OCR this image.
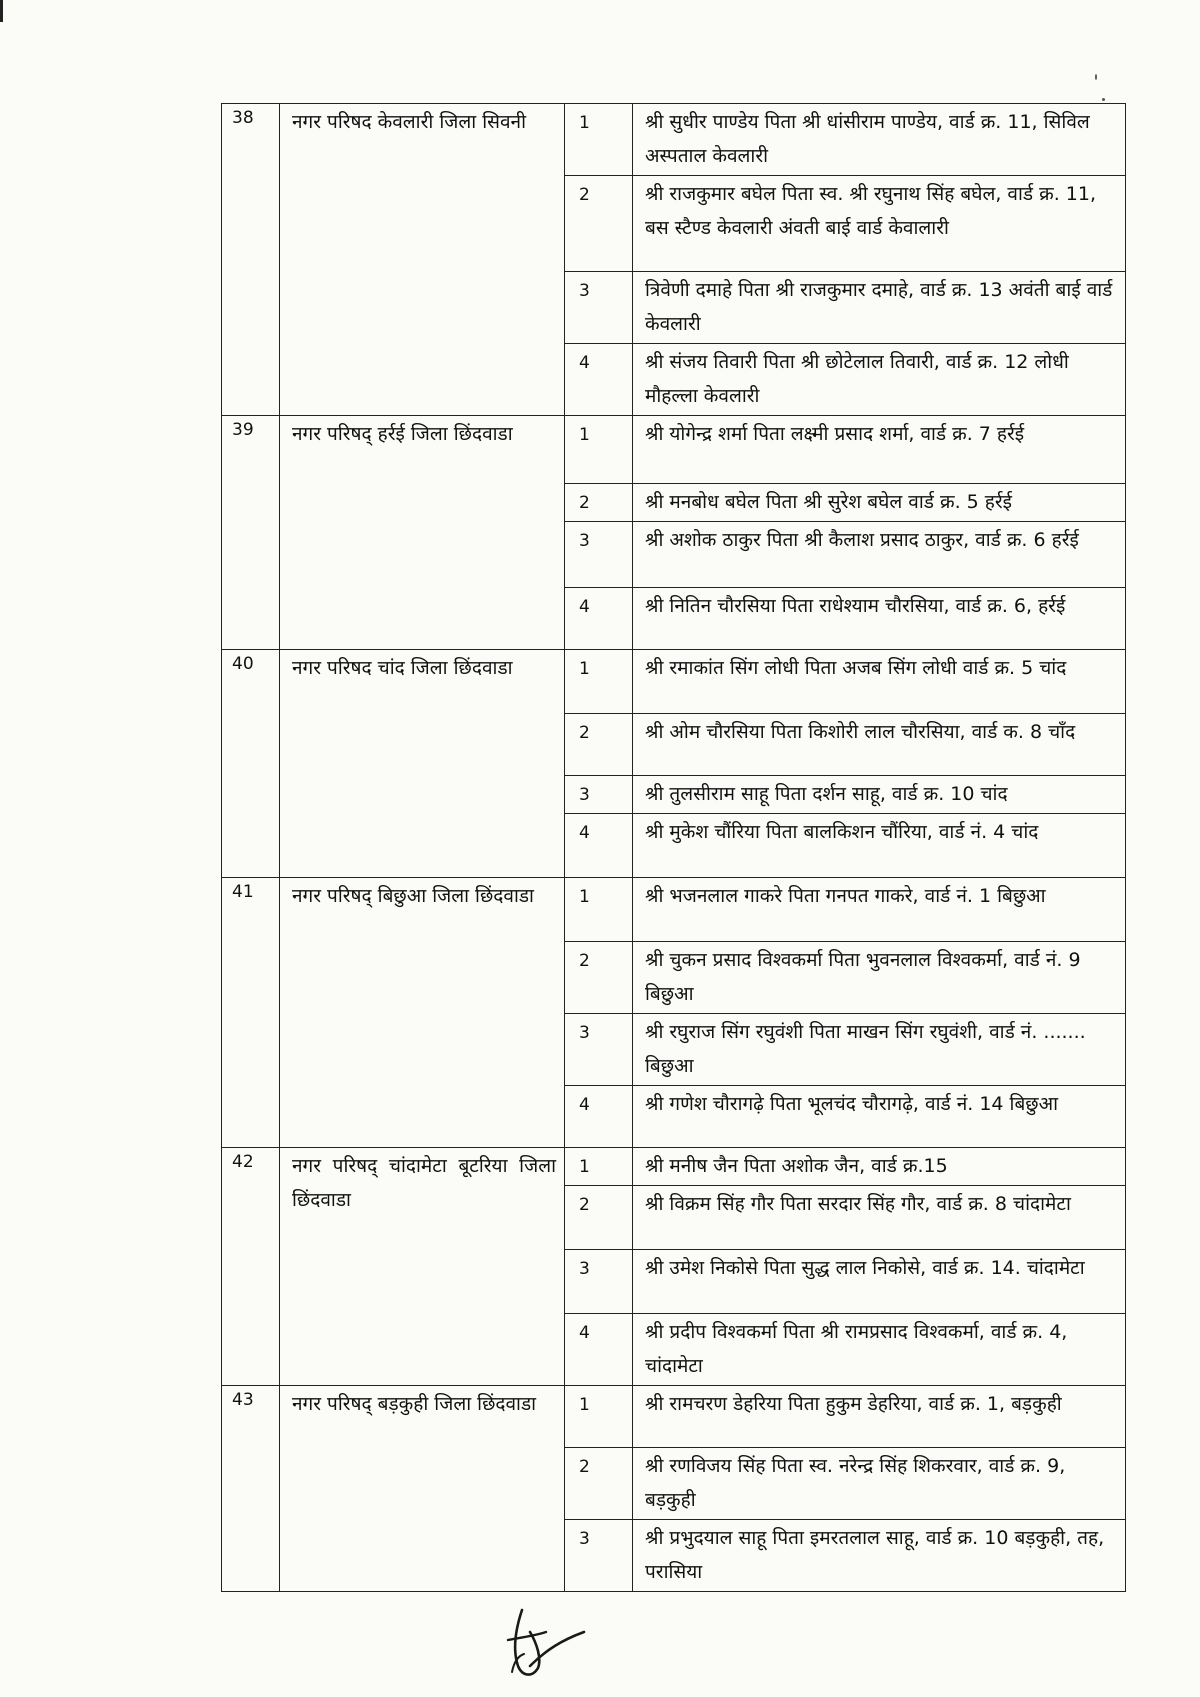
38	नगर परिषद केवलारी जिला सिवनी	1	श्री सुधीर पाण्डेय पिता श्री धांसीराम पाण्डेय, वार्ड क्र. 11, सिविल अस्पताल केवलारी

		2	श्री राजकुमार बघेल पिता स्व. श्री रघुनाथ सिंह बघेल, वार्ड क्र. 11, बस स्टैण्ड केवलारी अंवती बाई वार्ड केवालारी

		3	त्रिवेणी दमाहे पिता श्री राजकुमार दमाहे, वार्ड क्र. 13 अवंती बाई वार्ड केवलारी

		4	श्री संजय तिवारी पिता श्री छोटेलाल तिवारी, वार्ड क्र. 12 लोधी मौहल्ला केवलारी

39	नगर परिषद् हर्रई जिला छिंदवाडा	1	श्री योगेन्द्र शर्मा पिता लक्ष्मी प्रसाद शर्मा, वार्ड क्र. 7 हर्रई

		2	श्री मनबोध बघेल पिता श्री सुरेश बघेल वार्ड क्र. 5 हर्रई

		3	श्री अशोक ठाकुर पिता श्री कैलाश प्रसाद ठाकुर, वार्ड क्र. 6 हर्रई

		4	श्री नितिन चौरसिया पिता राधेश्याम चौरसिया, वार्ड क्र. 6, हर्रई

40	नगर परिषद चांद जिला छिंदवाडा	1	श्री रमाकांत सिंग लोधी पिता अजब सिंग लोधी वार्ड क्र. 5 चांद

		2	श्री ओम चौरसिया पिता किशोरी लाल चौरसिया, वार्ड क. 8 चाँद

		3	श्री तुलसीराम साहू पिता दर्शन साहू, वार्ड क्र. 10 चांद

		4	श्री मुकेश चौंरिया पिता बालकिशन चौंरिया, वार्ड नं. 4 चांद

41	नगर परिषद् बिछुआ जिला छिंदवाडा	1	श्री भजनलाल गाकरे पिता गनपत गाकरे, वार्ड नं. 1 बिछुआ

		2	श्री चुकन प्रसाद विश्वकर्मा पिता भुवनलाल विश्वकर्मा, वार्ड नं. 9 बिछुआ

		3	श्री रघुराज सिंग रघुवंशी पिता माखन सिंग रघुवंशी, वार्ड नं. ....... बिछुआ

		4	श्री गणेश चौरागढ़े पिता भूलचंद चौरागढ़े, वार्ड नं. 14 बिछुआ

42	नगर परिषद् चांदामेटा बूटरिया जिला छिंदवाडा	1	श्री मनीष जैन पिता अशोक जैन, वार्ड क्र.15

		2	श्री विक्रम सिंह गौर पिता सरदार सिंह गौर, वार्ड क्र. 8 चांदामेटा

		3	श्री उमेश निकोसे पिता सुद्ध लाल निकोसे, वार्ड क्र. 14. चांदामेटा

		4	श्री प्रदीप विश्वकर्मा पिता श्री रामप्रसाद विश्वकर्मा, वार्ड क्र. 4, चांदामेटा

43	नगर परिषद् बड़कुही जिला छिंदवाडा	1	श्री रामचरण डेहरिया पिता हुकुम डेहरिया, वार्ड क्र. 1, बड़कुही

		2	श्री रणविजय सिंह पिता स्व. नरेन्द्र सिंह शिकरवार, वार्ड क्र. 9, बड़कुही

		3	श्री प्रभुदयाल साहू पिता इमरतलाल साहू, वार्ड क्र. 10 बड़कुही, तह, परासिया
